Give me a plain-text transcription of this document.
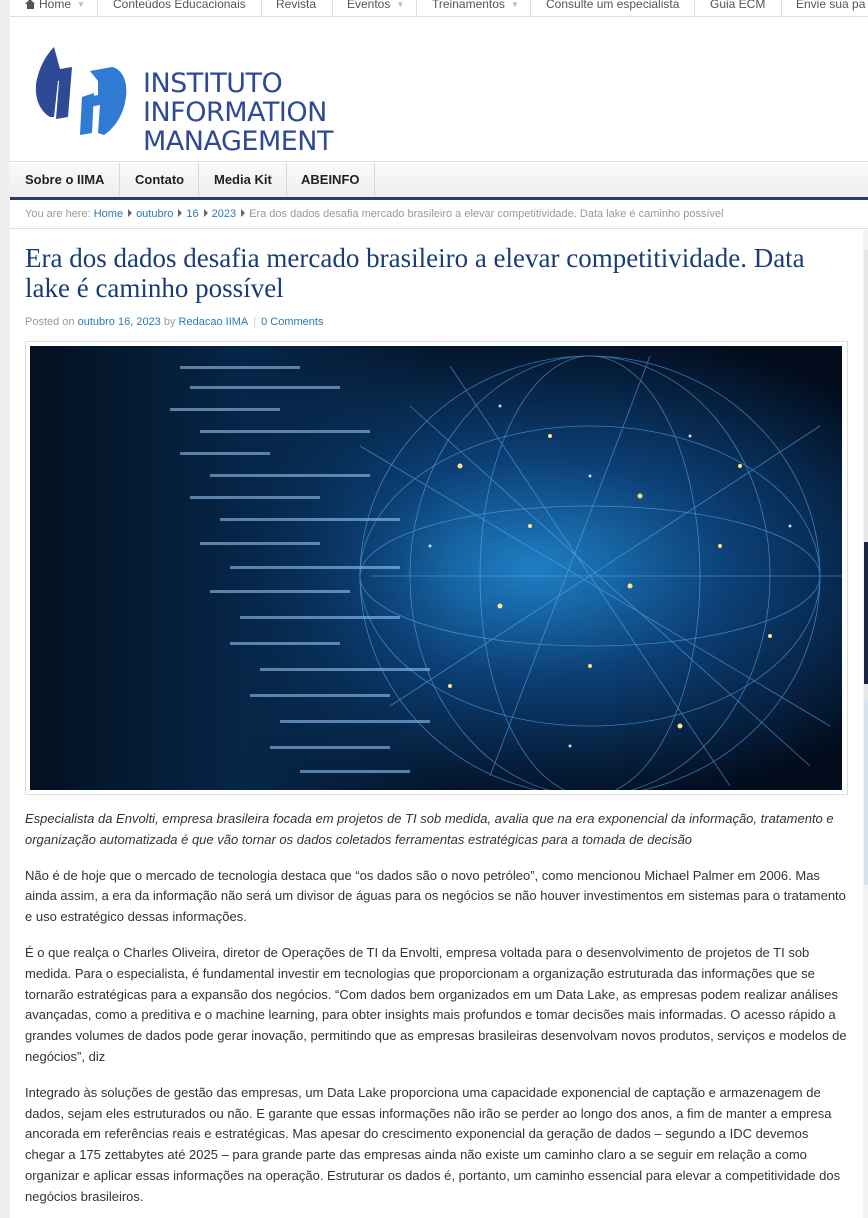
Home ▼ Conteúdos Educacionais	Revista	Eventos ▼ Treinamentos ▼ Consulte um especialista	Guia ECM	Envie sua pa
INSTITUTO
INFORMATION
MANAGEMENT
Sobre o IIMA Contato Media Kit ABEINFO
You are here: Home outubro 16 2023 Era dos dados desafia mercado brasileiro a elevar competitividade. Data lake é caminho possível
Era dos dados desafia mercado brasileiro a elevar competitividade. Data lake é caminho possível
Posted on outubro 16, 2023 by Redacao IIMA | 0 Comments

Especialista da Envolti, empresa brasileira focada em projetos de TI sob medida, avalia que na era exponencial da informação, tratamento e organização automatizada é que vão tornar os dados coletados ferramentas estratégicas para a tomada de decisão

Não é de hoje que o mercado de tecnologia destaca que “os dados são o novo petróleo”, como mencionou Michael Palmer em 2006. Mas ainda assim, a era da informação não será um divisor de águas para os negócios se não houver investimentos em sistemas para o tratamento e uso estratégico dessas informações.

É o que realça o Charles Oliveira, diretor de Operações de TI da Envolti, empresa voltada para o desenvolvimento de projetos de TI sob medida. Para o especialista, é fundamental investir em tecnologias que proporcionam a organização estruturada das informações que se tornarão estratégicas para a expansão dos negócios. “Com dados bem organizados em um Data Lake, as empresas podem realizar análises avançadas, como a preditiva e o machine learning, para obter insights mais profundos e tomar decisões mais informadas. O acesso rápido a grandes volumes de dados pode gerar inovação, permitindo que as empresas brasileiras desenvolvam novos produtos, serviços e modelos de negócios”, diz

Integrado às soluções de gestão das empresas, um Data Lake proporciona uma capacidade exponencial de captação e armazenagem de dados, sejam eles estruturados ou não. E garante que essas informações não irão se perder ao longo dos anos, a fim de manter a empresa ancorada em referências reais e estratégicas. Mas apesar do crescimento exponencial da geração de dados – segundo a IDC devemos chegar a 175 zettabytes até 2025 – para grande parte das empresas ainda não existe um caminho claro a se seguir em relação a como organizar e aplicar essas informações na operação. Estruturar os dados é, portanto, um caminho essencial para elevar a competitividade dos negócios brasileiros.
